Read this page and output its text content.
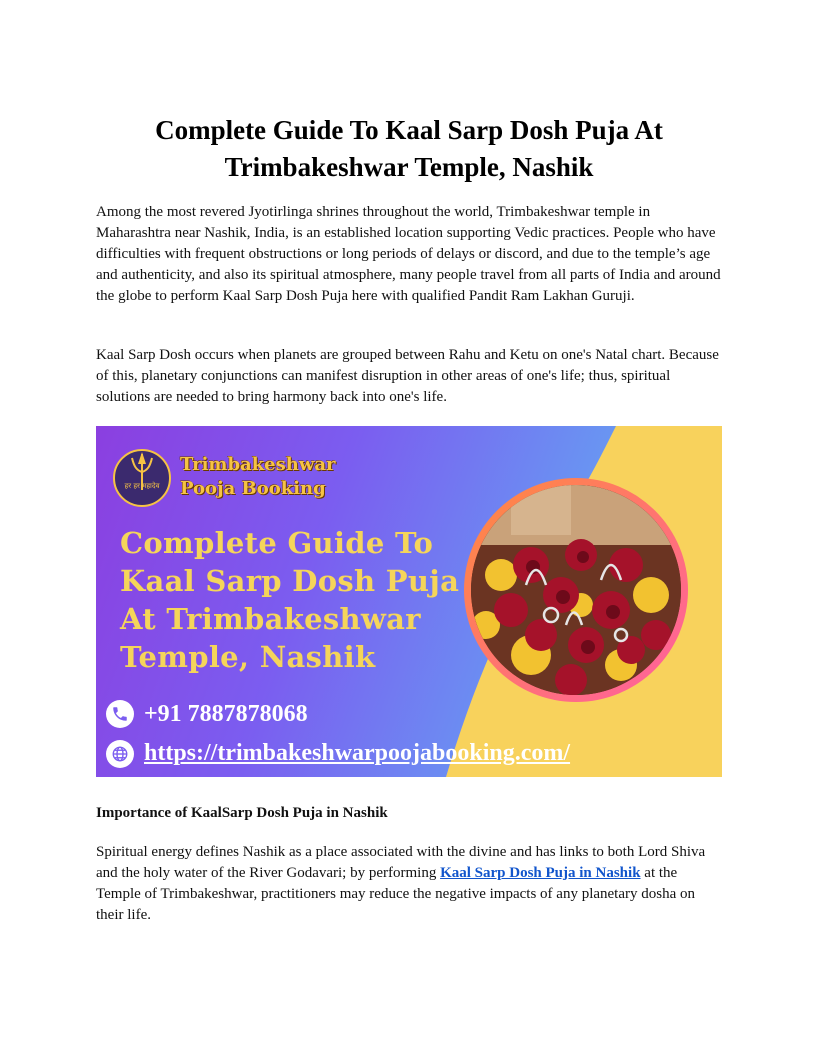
Complete Guide To Kaal Sarp Dosh Puja At Trimbakeshwar Temple, Nashik

Among the most revered Jyotirlinga shrines throughout the world, Trimbakeshwar temple in Maharashtra near Nashik, India, is an established location supporting Vedic practices. People who have difficulties with frequent obstructions or long periods of delays or discord, and due to the temple’s age and authenticity, and also its spiritual atmosphere, many people travel from all parts of India and around the globe to perform Kaal Sarp Dosh Puja here with qualified Pandit Ram Lakhan Guruji.

Kaal Sarp Dosh occurs when planets are grouped between Rahu and Ketu on one's Natal chart. Because of this, planetary conjunctions can manifest disruption in other areas of one's life; thus, spiritual solutions are needed to bring harmony back into one's life.

Importance of KaalSarp Dosh Puja in Nashik

Spiritual energy defines Nashik as a place associated with the divine and has links to both Lord Shiva and the holy water of the River Godavari; by performing Kaal Sarp Dosh Puja in Nashik at the Temple of Trimbakeshwar, practitioners may reduce the negative impacts of any planetary dosha on their life.

हर हर महादेव
Trimbakeshwar
Pooja Booking
Complete Guide To
Kaal Sarp Dosh Puja
At Trimbakeshwar
Temple, Nashik
+91 7887878068
https://trimbakeshwarpoojabooking.com/
